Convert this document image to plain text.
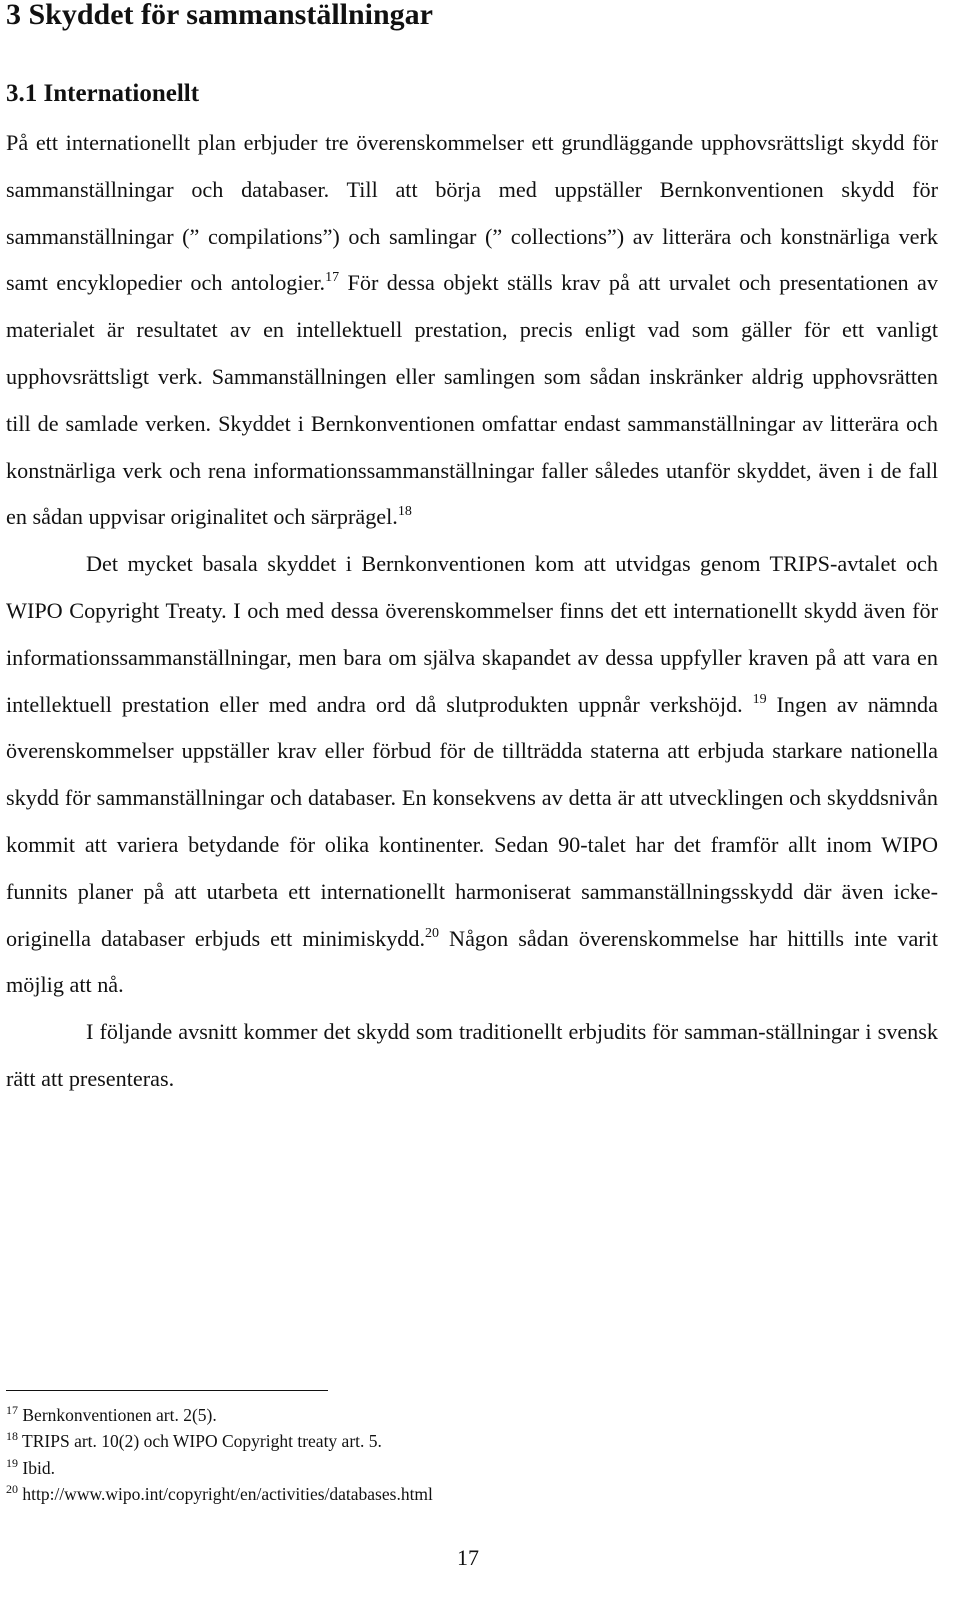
3 Skyddet för sammanställningar
3.1 Internationellt

På ett internationellt plan erbjuder tre överenskommelser ett grundläggande upphovsrättsligt skydd för sammanställningar och databaser. Till att börja med uppställer Bernkonventionen skydd för sammanställningar (” compilations”) och samlingar (” collections”) av litterära och konstnärliga verk samt encyklopedier och antologier.$^{17}$ För dessa objekt ställs krav på att urvalet och presentationen av materialet är resultatet av en intellektuell prestation, precis enligt vad som gäller för ett vanligt upphovsrättsligt verk. Sammanställningen eller samlingen som sådan inskränker aldrig upphovsrätten till de samlade verken. Skyddet i Bernkonventionen omfattar endast sammanställningar av litterära och konstnärliga verk och rena informationssammanställningar faller således utanför skyddet, även i de fall en sådan uppvisar originalitet och särprägel.$^{18}$

Det mycket basala skyddet i Bernkonventionen kom att utvidgas genom TRIPS-avtalet och WIPO Copyright Treaty. I och med dessa överenskommelser finns det ett internationellt skydd även för informationssammanställningar, men bara om själva skapandet av dessa uppfyller kraven på att vara en intellektuell prestation eller med andra ord då slutprodukten uppnår verkshöjd. $^{19}$ Ingen av nämnda överenskommelser uppställer krav eller förbud för de tillträdda staterna att erbjuda starkare nationella skydd för sammanställningar och databaser. En konsekvens av detta är att utvecklingen och skyddsnivån kommit att variera betydande för olika kontinenter. Sedan 90-talet har det framför allt inom WIPO funnits planer på att utarbeta ett internationellt harmoniserat sammanställningsskydd där även icke-originella databaser erbjuds ett minimiskydd.$^{20}$ Någon sådan överenskommelse har hittills inte varit möjlig att nå.

I följande avsnitt kommer det skydd som traditionellt erbjudits för samman-ställningar i svensk rätt att presenteras.

$^{17}$ Bernkonventionen art. 2(5).
$^{18}$ TRIPS art. 10(2) och WIPO Copyright treaty art. 5.
$^{19}$ Ibid.
$^{20}$ http://www.wipo.int/copyright/en/activities/databases.html
17
